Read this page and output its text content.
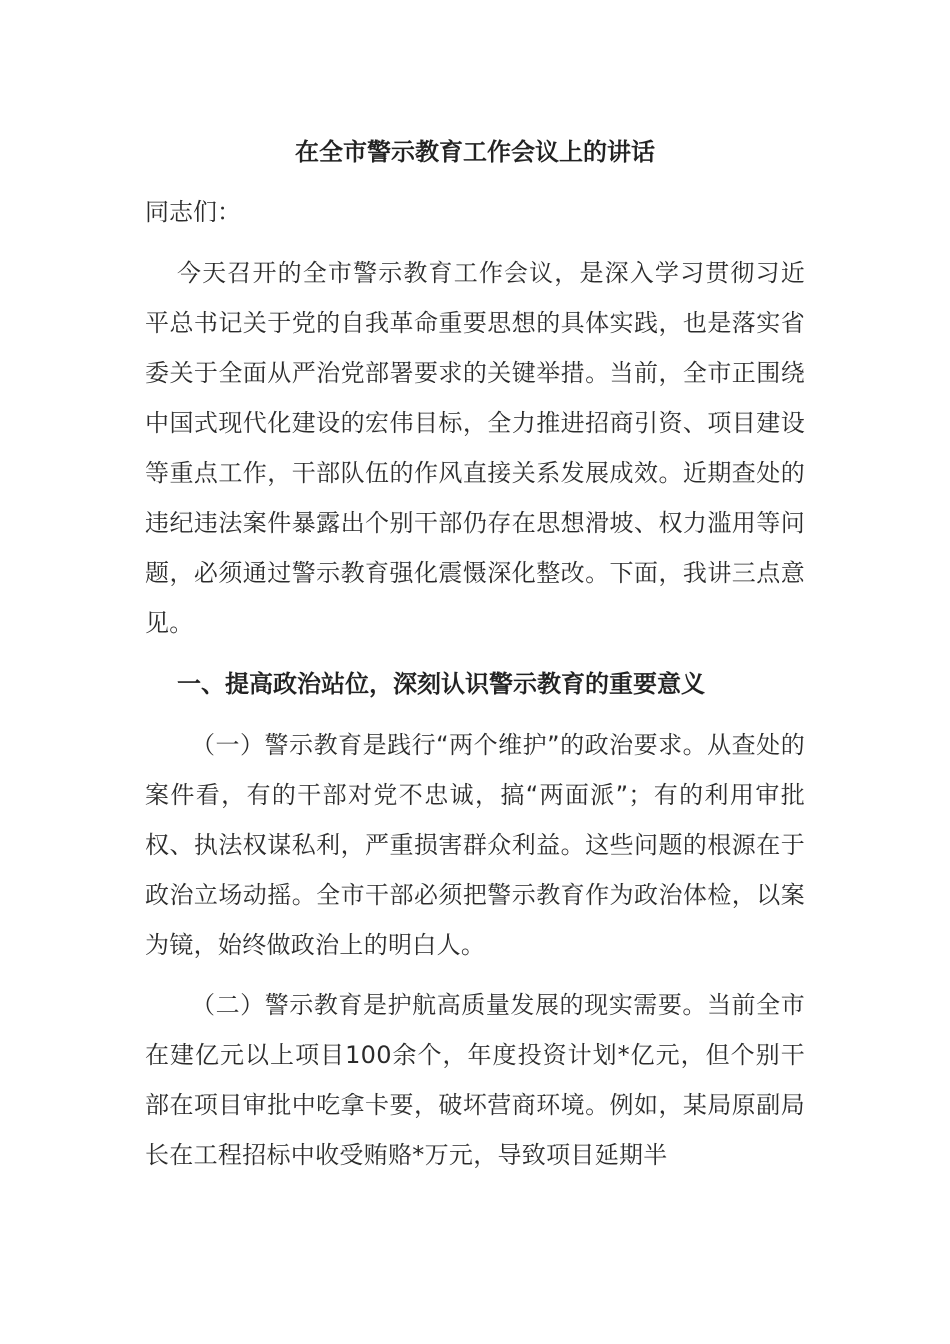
在全市警示教育工作会议上的讲话
同志们：
今天召开的全市警示教育工作会议，是深入学习贯彻习近平总书记关于党的自我革命重要思想的具体实践，也是落实省委关于全面从严治党部署要求的关键举措。当前，全市正围绕中国式现代化建设的宏伟目标，全力推进招商引资、项目建设等重点工作，干部队伍的作风直接关系发展成效。近期查处的违纪违法案件暴露出个别干部仍存在思想滑坡、权力滥用等问题，必须通过警示教育强化震慑深化整改。下面，我讲三点意见。
一、提高政治站位，深刻认识警示教育的重要意义
（一）警示教育是践行“两个维护”的政治要求。从查处的案件看，有的干部对党不忠诚，搞“两面派”；有的利用审批权、执法权谋私利，严重损害群众利益。这些问题的根源在于政治立场动摇。全市干部必须把警示教育作为政治体检，以案为镜，始终做政治上的明白人。
（二）警示教育是护航高质量发展的现实需要。当前全市在建亿元以上项目100余个，年度投资计划*亿元，但个别干部在项目审批中吃拿卡要，破坏营商环境。例如，某局原副局长在工程招标中收受贿赂*万元，导致项目延期半
